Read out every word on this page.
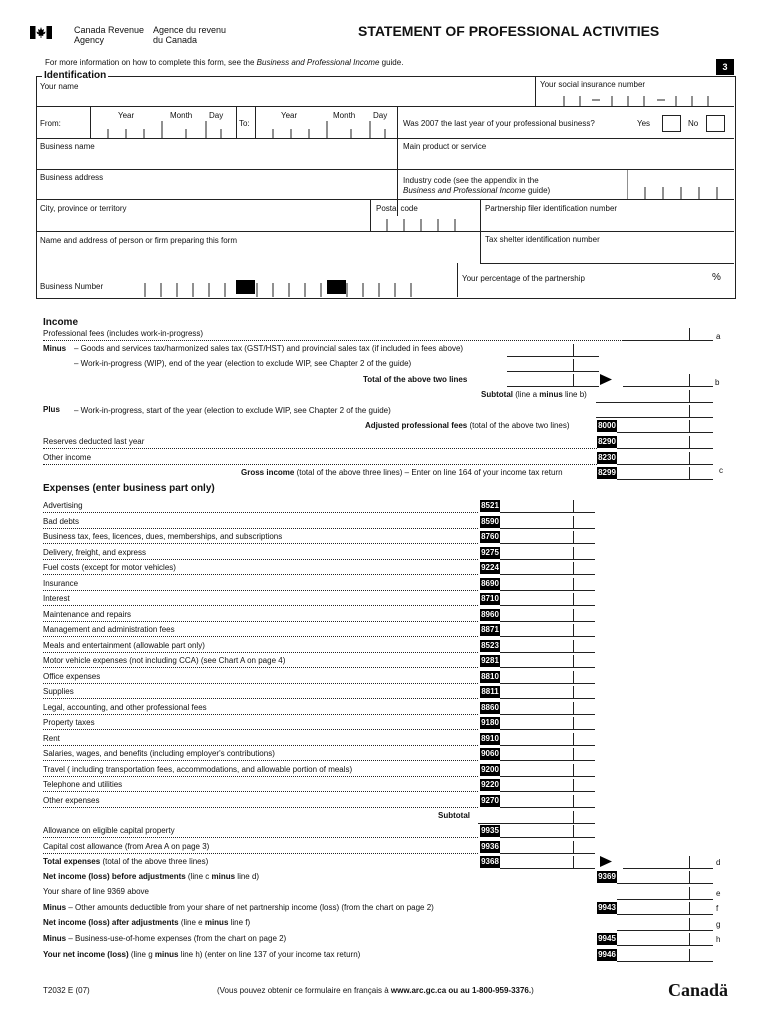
Canada Revenue
Agency
Agence du revenu
du Canada
STATEMENT OF PROFESSIONAL ACTIVITIES
For more information on how to complete this form, see the Business and Professional Income guide.	3
Identification
Your name	Your social insurance number
From:
Year	Month Day
To:
Year	Month Day
Was 2007 the last year of your professional business?	Yes	No
Business name	Main product or service
Business address	Industry code (see the appendix in the
Business and Professional Income guide)
City, province or territory	Postal code	Partnership filer identification number
Name and address of person or firm preparing this form	Tax shelter identification number
Your percentage of the partnership	%
Business Number
Income
Professional fees (includes work-in-progress)	a
Minus – Goods and services tax/harmonized sales tax (GST/HST) and provincial sales tax (if included in fees above)
– Work-in-progress (WIP), end of the year (election to exclude WIP, see Chapter 2 of the guide)
Total of the above two lines	b
Subtotal (line a minus line b)
Plus – Work-in-progress, start of the year (election to exclude WIP, see Chapter 2 of the guide)
Adjusted professional fees (total of the above two lines)	8000
Reserves deducted last year	8290
Other income	8230
Gross income (total of the above three lines) – Enter on line 164 of your income tax return	8299	c
Expenses (enter business part only)
Advertising	8521
Bad debts	8590
Business tax, fees, licences, dues, memberships, and subscriptions	8760
Delivery, freight, and express	9275
Fuel costs (except for motor vehicles)	9224
Insurance	8690
Interest	8710
Maintenance and repairs	8960
Management and administration fees	8871
Meals and entertainment (allowable part only)	8523
Motor vehicle expenses (not including CCA) (see Chart A on page 4)	9281
Office expenses	8810
Supplies	8811
Legal, accounting, and other professional fees	8860
Property taxes	9180
Rent	8910
Salaries, wages, and benefits (including employer's contributions)	9060
Travel ( including transportation fees, accommodations, and allowable portion of meals)	9200
Telephone and utilities	9220
Other expenses	9270
Subtotal
Allowance on eligible capital property	9935
Capital cost allowance (from Area A on page 3)	9936
Total expenses (total of the above three lines)	9368	d
Net income (loss) before adjustments (line c minus line d)	9369
Your share of line 9369 above	e
Minus – Other amounts deductible from your share of net partnership income (loss) (from the chart on page 2)	9943	f
Net income (loss) after adjustments (line e minus line f)	g
Minus – Business-use-of-home expenses (from the chart on page 2)	9945	h
Your net income (loss) (line g minus line h) (enter on line 137 of your income tax return)	9946
T2032 E (07)	(Vous pouvez obtenir ce formulaire en français à www.arc.gc.ca ou au 1-800-959-3376.)	Canadä
